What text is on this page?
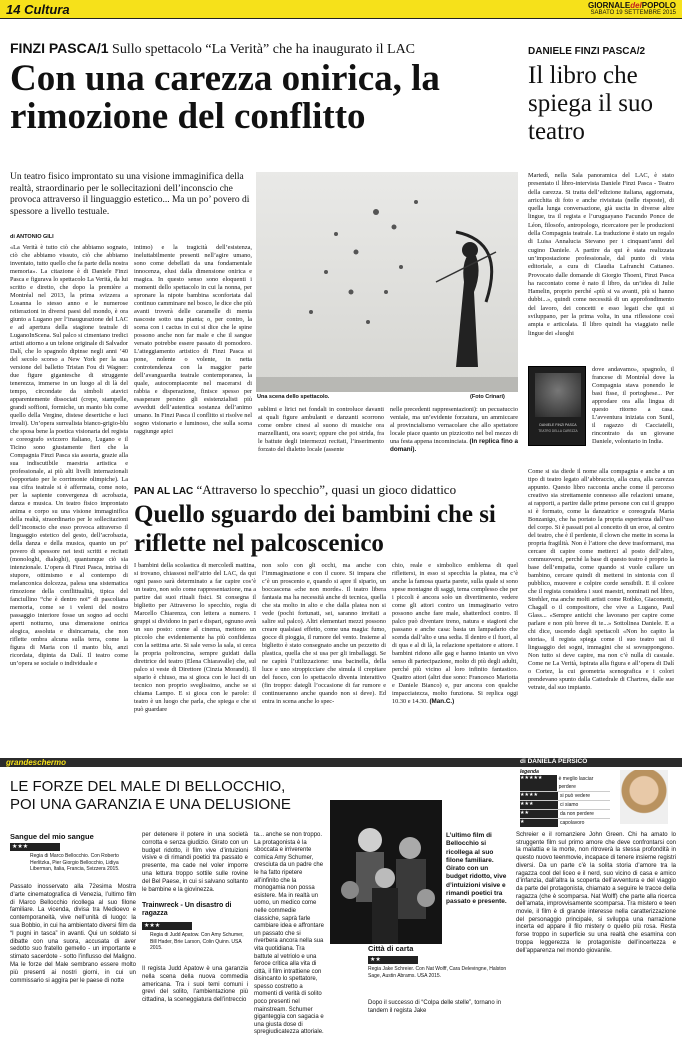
14 Cultura	GIORNALEdelPOPOLO
SABATO 19 SETTEMBRE 2015
FINZI PASCA/1 Sullo spettacolo “La Verità” che ha inaugurato il LAC
Con una carezza onirica, la rimozione del conflitto
Un teatro fisico improntato su una visione immaginifica della realtà, straordinario per le sollecitazioni dell’inconscio che provoca attraverso il linguaggio estetico... Ma un po’ povero di spessore a livello testuale.
di ANTONIO GILI
«La Verità è tutto ciò che abbiamo sognato, ciò che abbiamo vissuto, ciò che abbiamo inventato, tutto quello che fa parte della nostra memoria». La citazione è di Daniele Finzi Pasca e figurava lo spettacolo La Verità, da lui scritto e diretto, che dopo la première a Montréal nel 2013, la prima svizzera a Losanna lo stesso anno e le numerose reiterazioni in diversi paesi del mondo, è ora giunto a Lugano per l’inaugurazione del LAC e ad apertura della stagione teatrale di LuganoInScena. Sul palco si cimentano tredici artisti attorno a un telone originale di Salvador Dalí, che lo spagnolo dipinse negli anni ’40 del secolo scorso a New York per la sua versione del balletto Tristan Fou di Wagner: due figure gigantesche di struggente tenerezza, immerse in un luogo al di là del tempo, circondate da simboli atavici apparentemente dissociati (crepe, stampelle, grandi soffioni, formiche, un manto blu come quello della Vergine, distese desertiche e luci irreali). Un’opera surrealista bianco-grigio-blu che sposa bene la poetica visionaria del regista e coreografo svizzero italiano, Lugano e il Ticino sono giustamente fieri che la Compagnia Finzi Pasca sia assurta, grazie alla sua indiscutibile maestria artistica e professionale, ai più alti livelli internazionali (sopportato per le corrimonie olimpiche). La sua cifra teatrale si è affermata, come noto, per la sapiente convergenza di acrobazia, danza e musica. Un teatro fisico improntato anima e corpo su una visione immaginifica della realtà, straordinario per le sollecitazioni dell’inconscio che esso provoca attraverso il linguaggio estetico del gesto, dell’acrobazia, della danza e della musica, quanto un po’ povero di spessore nei testi scritti e recitati (monologhi, dialoghi), quantunque ciò sia intenzionale. L’opera di Finzi Pasca, intrisa di stupore, ottimismo e al contempo di melanconica dolcezza, palesa una sistematica rimozione della conflittualità, tipica del fanciullino “che è dentro noi” di pascoliana memoria, come se i veleni del nostro passaggio interiore fosse un sogno ad occhi aperti notturno, una dimensione onirica alogica, assoluta e disincarnata, che non riflette ombra alcuna sulla terra, come la figura di Maria con il manto blu, anzi ricordata, dipinta da Dalí. Il teatro come un’opera se sociale o individuale e
intimo) e la tragicità dell’esistenza, ineluttabilmente presenti nell’agire umano, sono come debellati da una fondamentale innocenza, elusi dalla dimensione onirica e magica. In questo senso sono eloquenti i momenti dello spettacolo in cui la nonna, per spronare la nipote bambina sconfortata dal continuo camminare nel bosco, le dice che più avanti troverà delle caramelle di menta nascoste sotto una pianta; o, per contro, la scena con i cactus in cui si dice che le spine possono anche non far male e che il sangue versato potrebbe essere passato di pomodoro. L’atteggiamento artistico di Finzi Pasca si pone, nolente o volente, in netta controtendenza con la maggior parte dell’avanguardia teatrale contemporanea, la quale, autocompiacente nel macerarsi di rabbia e disperazione, finisce spesso per esasperare persino gli esistenzialisti più avveduti dell’autentica sostanza dell’animo umano. In Finzi Pasca il conflitto si risolve nel sogno visionario e luminoso, che sulla scena raggiunge apici
Una scena dello spettacolo.	(Foto Crinari)
sublimi e lirici nei fondali in controluce davanti ai quali figure ambulanti e danzanti scorrono come ombre cinesi al suono di musiche ora marzellianti, ora soavi; oppure che poi strida, fra le battute degli intermezzi recitati, l’inserimento forzato del dialetto locale (assente
nelle precedenti rappresentazioni): un pecuatuccio veniale, ma un’evidente forzatura, un ammiccare al provincialismo vernacolare che allo spettatore locale piace quanto un pizzicotto nel bel mezzo di una festa appena incominciata. (In replica fino a domani).
DANIELE FINZI PASCA/2
Il libro che spiega il suo teatro
Martedì, nella Sala panoramica del LAC, è stato presentato il libro-intervista Daniele Finzi Pasca - Teatro della carezza. Si tratta dell’edizione italiana, aggiornata, arricchita di foto e anche rivisitata (nelle risposte), di quella lunga conversazione, già uscita in diverse altre lingue, tra il regista e l’uruguayano Facundo Ponce de Léon, filosofo, antropologo, ricercatore per le produzioni della Compagnia teatrale. La traduzione è stato un regalo di Luisa Annalucia Stevano per i cinquant’anni del cugino Daniele. A partire da qui è stata realizzata un’impostazione professionale, dal punto di vista editoriale, a cura di Claudia Lafranchi Cattaneo. Provocato dalle domande di Giorgio Thoeni, Finzi Pasca ha raccontato come è nato il libro, da un’idea di Julie Hamelin, proprio perché «più si va avanti, più si hanno dubbi...», quindi come necessità di un approfondimento del lavoro, dei concetti e esso legati che qui si sviluppano, per la prima volta, in una riflessione così ampia e articolata. Il libro quindi ha viaggiato nelle lingue dei «luoghi
DANIELE FINZI PASCA
TEATRO DELLA CAREZZA
dove andavamo», spagnolo, il francese di Montréal dove la Compagnia stava ponendo le basi fisse, il portoghese... Per approdare ora alla lingua di questo ritorno a casa. L’avventura iniziata con Sunil, il ragazzo di Cacciatelli, rincontrato da un giovane Daniele, volontario in India.
Come si sia diede il nome alla compagnia e anche a un tipo di teatro legato all’abbraccio, alla cura, alla carezza appunto. Questo libro racconta anche come il percorso creativo sia strettamente connesso alle relazioni umane, ai rapporti, a partire dalle prime persone con cui il gruppo si è formato, come la danzatrice e coreografa Maria Bonzanigo, che ha portato la propria esperienza dall’uso del corpo. Si è passati poi al concetto di un eroe, al centro del teatro, che è il perdente, il clown che mette in scena la propria fragilità. Non è l’attore che deve trasformarsi, ma cercare di capire come metterci al posto dell’altro, commuoversi, perché la base di questo teatro è proprio la base dell’empatia, come quando si vuole cullare un bambino, cercare quindi di mettersi in sintonia con il pubblico, muovere e colpire corde sensibili. E il colore che il regista considera i suoi maestri, nominati nel libro, Strehler, ma anche molti artisti come Rothko, Giacometti, Chagall o il compositore, che vive a Lugano, Paul Glass... «Sempre antichi che lavorano per capire come parlare e non più breve di te...» Sottolinea Daniele. E a chi dice, uscendo dagli spettacoli «Non ho capito la storia», il regista spiega come il suo teatro usi il linguaggio dei sogni, immagini che si sovrappongono. Non tutto si deve capire, ma non c’è nulla di casuale. Come ne La Verità, ispirata alla figura e all’opera di Dalí o Cortez, la cui geometria scenografica e i colori prendevano spunto dalla Cattedrale di Chartres, dalle sue vetrate, dal suo impianto.
PAN AL LAC “Attraverso lo specchio”, quasi un gioco didattico
Quello sguardo dei bambini che si riflette nel palcoscenico
I bambini della scolastica di mercoledì mattina, si trovano, chiassosi nell’atrio del LAC, da qui ogni passo sarà determinato a far capire cos’è un teatro, non solo come rappresentazione, ma a partire dai suoi rituali fisici. Si consegna il biglietto per Attraverso lo specchio, regia di Marcello Chiarenza, con lettera a numero. I gruppi si dividono in pari e dispari, ognuno avrà un suo posto: come al cinema, mettono un piccolo che evidentemente ha più confidenza con la settima arte. Si sale verso la sala, si cerca la propria poltroncina, sempre guidati dalla direttrice del teatro (Elena Chiaravalle) che, sul palco si veste di Direttore (Cinzia Morandi). Il sipario è chiuso, ma si gioca con le luci di un tecnico non proprio sveglissimo, anche se si chiama Lampo. E si gioca con le parole: il teatro è un luogo che parla, che spiega e che si può guardare
non solo con gli occhi, ma anche con l’immaginazione e con il cuore. Si impara che c’è un proscenio e, quando si apre il sipario, un boccascena «che non morde». Il teatro libera fantasia ma ha necessità anche di tecnica, quella che sta molto in alto e che dalla platea non si vede (pochi fortunati, sei, saranno invitati a salire sul palco). Altri elementari mezzi possono creare qualsiasi effetto, come una magia: fumo, gocce di pioggia, il rumore del vento. Insieme al biglietto è stato consegnato anche un pezzetto di plastica, quella che si usa per gli imballaggi. Se ne capirà l’utilizzazione: una bacinella, della luce e uno stroppicciare che simula il crepitare del fuoco, con lo spettacolo diventa interattivo (fin troppo: dategli l’occasione di far rumore e continueranno anche quando non si deve). Ed entra in scena anche lo spec-
chio, reale e simbolico emblema di quel riflettersi, in esso si specchia la platea, ma c’è anche la famosa quarta parete, sulla quale si sono spese montagne di saggi, tema complesso che per i piccoli è ancora solo un divertimento, vedere come gli attori contro un immaginario vetro possono anche fare male, shatterdoci contro. Il palco può diventare treno, natura e stagioni che passano e anche casa: basta un lampadario che scenda dall’alto e una sedia. Il dentro e il fuori, al di qua e al di là, la relazione spettatore e attore. I bambini ridono alle gag e hanno intanto un vivo senso di partecipazione, molto di più degli adulti, perché più vicino al loro infinito fantastico. Quattro attori (altri due sono: Francesco Mariotta e Daniele Bianco) e, pur ancora con qualche impacciatezza, molto funziona. Si replica oggi 10.30 e 14.30. (Man.C.)
grandeschermo	di DANIELA PERSICO
LE FORZE DEL MALE DI BELLOCCHIO, POI UNA GARANZIA E UNA DELUSIONE
legenda
★★★★★	è meglio lasciar perdere
★★★★	si può vedere
★★★	ci siamo
★★	da non perdere
★	capolavoro
Sangue del mio sangue
★★★
Regia di Marco Bellocchio. Con Roberto Herlitzka, Pier Giorgio Bellocchio, Lidiya Liberman, Italia, Francia, Svizzera 2015.
Passato inosservato alla 72esima Mostra d’arte cinematografica di Venezia, l’ultimo film di Marco Bellocchio ricollega al suo filone familiare. La vicenda, divisa tra Medioevo e contemporaneità, vive nell’unità di luogo: la sua Bobbio, in cui ha ambientato diversi film da “I pugni in tasca” in avanti. Qui un soldato si dibatte con una suora, accusata di aver sedotto suo fratello gemello - un importante e stimato sacerdote - sotto l’influsso del Maligno. Ma le forze del Male sembrano essere molto più presenti ai nostri giorni, in cui un commissario si aggira per le paese di notte
per detenere il potere in una società corrotta e senza giudizio. Girato con un budget ridotto, il film vive d’intuizioni visive e di rimandi poetici tra passato e presente, ma cade nel voler imporre una lettura troppo sottile sulle rovine del Bel Paese, in cui si salvano soltanto le bambine e la giovinezza.
Trainwreck - Un disastro di ragazza
★★★
Regia di Judd Apatow. Con Amy Schumer, Bill Hader, Brie Larson, Colin Quinn. USA 2015.
Il regista Judd Apatow è una garanzia nella scena della nuova commedia americana. Tra i suoi temi comuni i grevi del solito, l’ambientazione più cittadina, la sceneggiatura dell’intreccio
ta... anche se non troppo. La protagonista è la sboccata e irriverente comica Amy Schumer, cresciuta da un padre che le ha fatto ripetere all’infinito che la monogamia non possa esistere. Ma in realtà un uomo, un medico come nelle commedie classiche, saprà farle cambiare idea e affrontare un passato che si riverbera ancora nella sua vita quotidiana. Tra battute al vetriolo e una feroce critica alla vita di città, il film intrattiene con disincanto lo spettatore, spesso costretto a momenti di verità di solito poco presenti nel mainstream. Schumer giganteggia con sagacia e una giusta dose di spregiudicatezza attoriale.
L’ultimo film di Bellocchio si ricollega al suo filone familiare. Girato con un budget ridotto, vive d’intuizioni visive e rimandi poetici tra passato e presente.
Città di carta
★★
Regia Jake Schreier. Con Nat Wolff, Cara Delevingne, Halston Sage, Austin Abrams. USA 2015.
Dopo il successo di “Colpa delle stelle”, tornano in tandem il regista Jake
Schreier e il romanziere John Green. Chi ha amato lo struggente film sul primo amore che deve confrontarsi con la malattia e la morte, non ritroverà la stessa profondità in questo nuovo teenmovie, incapace di tenere insieme registri diversi. Da un parte c’è la solita storia d’amore tra la ragazza cool del liceo e il nerd, suo vicino di casa e amico d’infanzia, dall’altra la scoperta dell’avventura e del viaggio da parte del protagonista, chiamato a seguire le tracce della ragazza (che è scomparsa. Nat Wolff) che parte alla ricerca dell’amata, improvvisamente scomparsa. Tra mistero e teen movie, il film è di grande interesse nella caratterizzazione del personaggio principale, si sviluppa una narrazione incerta ed appare il filo mistery o quello più rosa. Resta forse troppo in superficie su una realtà che esamina con troppa leggerezza le protagoniste dell’incertezza e dell’apparenza nel mondo giovanile.
